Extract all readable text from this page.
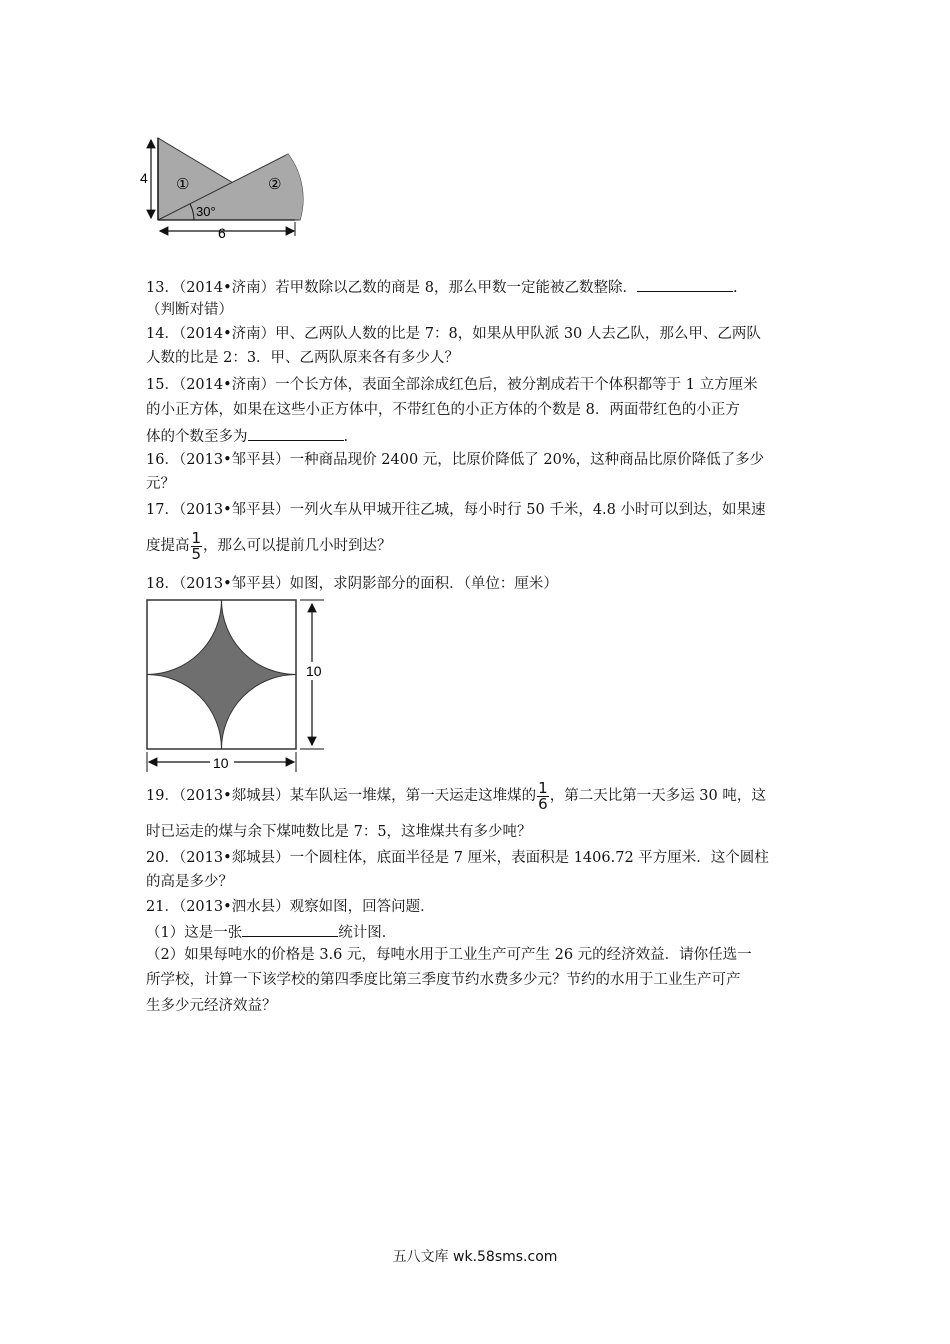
①	②
30°
4
6
13．（2014•济南）若甲数除以乙数的商是 8，那么甲数一定能被乙数整除．	.
（判断对错）
14．（2014•济南）甲、乙两队人数的比是 7：8，如果从甲队派 30 人去乙队，那么甲、乙两队
人数的比是 2：3．甲、乙两队原来各有多少人？
15．（2014•济南）一个长方体，表面全部涂成红色后，被分割成若干个体积都等于 1 立方厘米
的小正方体，如果在这些小正方体中，不带红色的小正方体的个数是 8．两面带红色的小正方
体的个数至多为	.
16．（2013•邹平县）一种商品现价 2400 元，比原价降低了 20%，这种商品比原价降低了多少
元？
17．（2013•邹平县）一列火车从甲城开往乙城，每小时行 50 千米，4.8 小时可以到达，如果速
度提高 $\frac{1}{5}$ ，那么可以提前几小时到达？
18．（2013•邹平县）如图，求阴影部分的面积．（单位：厘米）
10
10
19．（2013•郯城县）某车队运一堆煤，第一天运走这堆煤的 $\frac{1}{6}$ ，第二天比第一天多运 30 吨，这
时已运走的煤与余下煤吨数比是 7：5，这堆煤共有多少吨？
20．（2013•郯城县）一个圆柱体，底面半径是 7 厘米，表面积是 1406.72 平方厘米．这个圆柱
的高是多少？
21．（2013•泗水县）观察如图，回答问题．
（1）这是一张	统计图．
（2）如果每吨水的价格是 3.6 元，每吨水用于工业生产可产生 26 元的经济效益．请你任选一
所学校，计算一下该学校的第四季度比第三季度节约水费多少元？节约的水用于工业生产可产
生多少元经济效益？
五八文库 wk.58sms.com
